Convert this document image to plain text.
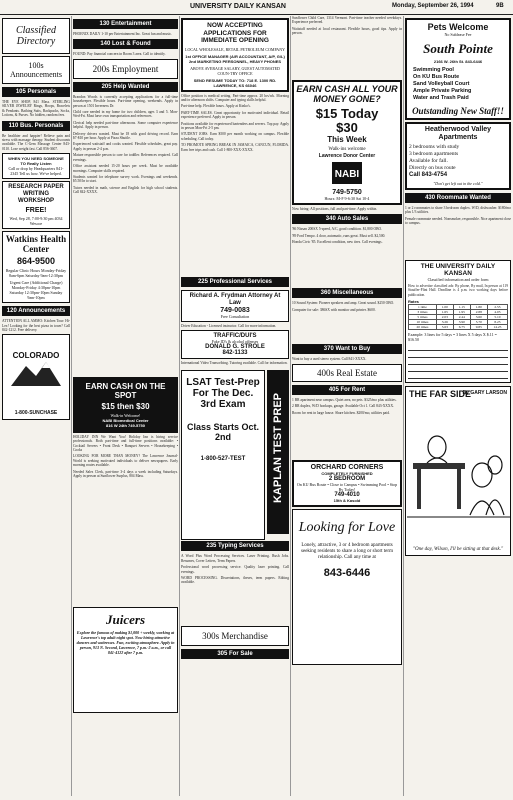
UNIVERSITY DAILY KANSAN	Monday, September 26, 1994	9B
Classified Directory
100s Announcements
105 Personals
THE EYE SHOP, 841 Mass. STERLING SILVER JEWELRY Rings, Hoops, Bracelets & Pendants. Bathing Suits, Backpacks, Socks, Lotions, & Purses. No hidden, random fees.
110 Bus. Personals
Be healthier and happier! Relieve pain and stress with massage therapy. Student discounts available. The C-Gem Massage Center 843-0110. Lose weight fast. Call 856-3607.
WHEN YOU NEED SOMEONE TO Really Listen
Call or drop by Headquarters 841-2345 Tell us how. We've helped.
RESEARCH PAPER WRITING WORKSHOP
FREE!
Wed, Sep 28, 7:00-9:30 pm 4034 Wescoe
Watkins Health Center
864-9500
Regular Clinic Hours Monday-Friday 8am-6pm Saturday 9am-12:30pm
Urgent Care (Additional Charge) Monday-Friday 4:30pm-10pm Saturday 12:30pm-10pm Sunday 9am-10pm
120 Announcements
ATTENTION ALL AMMO: Kitchen Tour: Hi-Lex! Looking for the best pizza in town? Call 842-1212. Free delivery.
COLORADO
1-800-SUNCHASE
130 Entertainment

PHOENIX DAILY 1-10 per Entertainment Inc. Great fun and music.

140 Lost & Found

FOUND: Pay financial concern in Room 3 area. Call to identify.

200s Employment
205 Help Wanted

Brandon Woods is currently accepting applications for a full-time housekeeper. Flexible hours. Part-time opening, weekends. Apply in person at 1501 Inverness Dr.

Child care needed in my home for two children, ages 3 and 5. Mon-Wed-Fri. Must have own transportation and references.

Clerical help needed part-time afternoons. Some computer experience helpful. Apply in person.

Delivery drivers wanted. Must be 18 with good driving record. Earn $7-$10 per hour. Apply at Pizza Shuttle.

Experienced waitstaff and cooks wanted. Flexible schedules, great pay. Apply in person 2-4 p.m.

Mature responsible person to care for toddler. References required. Call evenings.

Office assistant needed 15-20 hours per week. Must be available mornings. Computer skills required.

Students wanted for telephone survey work. Evenings and weekends. $5.50/hr to start.

Tutors needed in math, science and English for high school students. Call 842-XXXX.

EARN CASH ON THE SPOT
$15 then $30
Walk-in Welcome!
NABI Biomedical Center
816 W 24th 749-5750

HOLIDAY INN We Want You! Holiday Inn is hiring service professionals. Both part-time and full-time positions available: • Cocktail Servers • Front Desk • Banquet Servers • Housekeeping • Cooks

LOOKING FOR MORE THAN MONEY? The Lawrence Journal-World is seeking motivated individuals to deliver newspapers. Early morning routes available.

Needed Sales Clerk, part-time 3-4 days a week including Saturdays. Apply in person at Sunflower Surplus, 804 Mass.

Juicers
Explore the famous of making $1,000 + weekly, working at Lawrence's top adult night spot. Now hiring attractive dancers and waitresses. Fun, exciting atmosphere. Apply in person, 913 N. Second, Lawrence, 7 p.m.-2 a.m., or call 841-4122 after 7 p.m.
NOW ACCEPTING APPLICATIONS FOR IMMEDIATE OPENING
LOCAL WHOLESALE, RETAIL PETROLEUM COMPANY
1st OFFICE MANAGER (A/R ACCOUNTANT, A/P, G/L) 2nd MARKETING PERSONNEL, HEAVY PHONES
ABOVE AVERAGE SALARY, GUEST AUTOMATED COUN-TRY OFFICE
SEND RESUME TODAY TO: 718 E. 1300 RD. LAWRENCE, KS 66046

Office position is medical setting. Part-time approx. 20 hrs/wk. Morning and/or afternoon shifts. Computer and typing skills helpful.

Part-time help. Flexible hours. Apply at Kinko's.

PART-TIME SALES. Great opportunity for motivated individual. Retail experience preferred. Apply in person.

Positions available for experienced bartenders and servers. Top pay. Apply in person Mon-Fri 2-5 pm.

STUDENT JOBS. Earn $500 per month working on campus. Flexible scheduling. Call today.

TO PROMOTE SPRING BREAK IN JAMAICA, CANCUN, FLORIDA. Earn free trips and cash. Call 1-800-XXX-XXXX.

225 Professional Services
Richard A. Frydman Attorney At Law
749-0083
Free Consultation

Driver Education - Licensed instructor. Call for more information.

TRAFFIC/DUI'S
Fake ID's & alcohol offenses
DONALD G. STROLE
842-1133

International Video Transcribing. Tutoring available. Call for information.

LSAT Test-Prep For The Dec. 3rd Exam
Class Starts Oct. 2nd
1-800-527-TEST	KAPLAN TEST PREP
235 Typing Services

A Word Plus Word Processing Services. Laser Printing. Rush Jobs. Resumes, Cover Letters, Term Papers.

Professional word processing service. Quality laser printing. Call evenings.

WORD PROCESSING. Dissertations, theses, term papers. Editing available.

300s Merchandise
305 For Sale

Sunflower Child Care, 1314 Vermont. Part-time teacher needed weekdays. Experience preferred.

Waitstaff needed at local restaurant. Flexible hours, good tips. Apply in person.

EARN CASH ALL YOUR MONEY GONE?
$15 Today
$30
This Week
Walk-ins welcome
Lawrence Donor Center
NABI
749-5750
Hours: M-F 9-6:30 Sat 10-4

Now hiring: All positions, full and part-time. Apply within.

340 Auto Sales

'86 Nissan 200SX 5-speed, A/C, good condition. $1,800 OBO.

'89 Ford Tempo. 4 door, automatic, runs great. Must sell. $2,500.

Honda Civic '85. Excellent condition, new tires. Call evenings.

360 Miscellaneous

10 Sound System: Pioneer speakers and amp. Great sound. $250 OBO.

Computer for sale: 386SX with monitor and printer. $600.

370 Want to Buy

Want to buy a used stereo system. Call 841-XXXX.

400s Real Estate
405 For Rent

1 BR apartment near campus. Quiet area, no pets. $325/mo plus utilities.

2 BR duplex, W/D hookups, garage. Available Oct 1. Call 843-XXXX.

Room for rent in large house. Share kitchen. $200/mo, utilities paid.

ORCHARD CORNERS
COMPLETELY FURNISHED
2 BEDROOM
On KU Bus Route • Close to Campus • Swimming Pool • Stop By Today!
749-4010
15th & Kasold
Looking for Love
Lonely, attractive, 3 or 4 bedroom apartments seeking residents to share a long or short term relationship. Call any time at
843-6446
Pets Welcome
No Sublease Fee
South Pointe
2166 W. 26th St. 843-6446
Swimming Pool
On KU Bus Route
Sand Volleyball Court
Ample Private Parking
Water and Trash Paid
Outstanding New Staff!!
Heatherwood Valley Apartments
2 bedrooms with study
3 bedroom apartments
Available for fall.
Directly on bus route
Call 843-4754
"Don't get left out in the cold."
430 Roommate Wanted

1 or 2 roommates to share 3 bedroom duplex. W/D, dishwasher. $180/mo plus 1/3 utilities.

Female roommate needed. Nonsmoker, responsible. Nice apartment close to campus.

THE UNIVERSITY DAILY KANSAN
Classified information and order form

How to advertise classified ads: By phone, By mail, In person at 119 Stauffer-Flint Hall. Deadline is 4 p.m. two working days before publication.

Rates
1 time	1.00	1.15	1.80	2.55
3 times	1.65	1.95	2.88	4.05
5 times	2.03	2.44	3.60	5.10
10 times	3.26	3.90	5.70	8.25
20 times	5.63	6.75	9.85	14.25
Example: 3 lines for 5 days = 3 lines X 5 days X $.11 = $16.50
THE FAR SIDE
By GARY LARSON
"One day, Wilson, I'll be sitting at that desk."
